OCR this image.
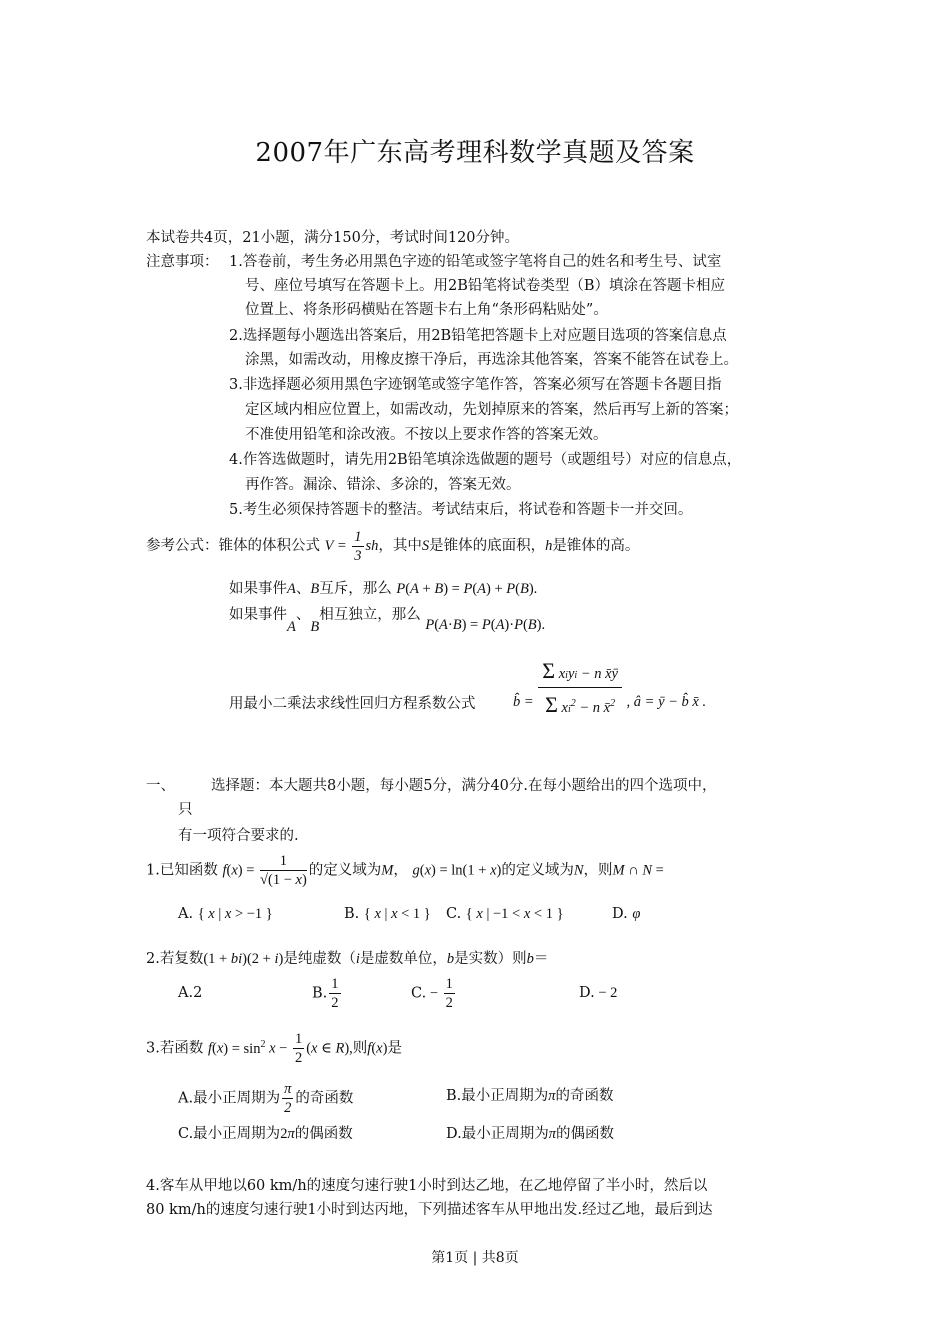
2007年广东高考理科数学真题及答案
本试卷共4页，21小题，满分150分，考试时间120分钟。
注意事项： 1.答卷前，考生务必用黑色字迹的铅笔或签字笔将自己的姓名和考生号、试室
号、座位号填写在答题卡上。用2B铅笔将试卷类型（B）填涂在答题卡相应
位置上、将条形码横贴在答题卡右上角“条形码粘贴处”。
2.选择题每小题选出答案后，用2B铅笔把答题卡上对应题目选项的答案信息点
涂黑，如需改动，用橡皮擦干净后，再选涂其他答案，答案不能答在试卷上。
3.非选择题必须用黑色字迹钢笔或签字笔作答，答案必须写在答题卡各题目指
定区域内相应位置上，如需改动，先划掉原来的答案，然后再写上新的答案；
不准使用铅笔和涂改液。不按以上要求作答的答案无效。
4.作答选做题时，请先用2B铅笔填涂选做题的题号（或题组号）对应的信息点，
再作答。漏涂、错涂、多涂的，答案无效。
5.考生必须保持答题卡的整洁。考试结束后，将试卷和答题卡一并交回。
参考公式：锥体的体积公式 $V = \frac{1}{3}$ sh，其中S是锥体的底面积，h是锥体的高。
如果事件A、B互斥，那么 P(A + B) = P(A) + P(B).
如果事件A、B相互独立，那么 P(A·B) = P(A)·P(B).
用最小二乘法求线性回归方程系数公式	b̂ =
Σ xiyi − n x̄ȳ
Σ $xi^2 - n$ x̄$^2$ , â = ȳ − b̂ x̄ .
一、 选择题：本大题共8小题，每小题5分，满分40分.在每小题给出的四个选项中，
只
有一项符合要求的.
1.已知函数 $f(x) = \frac{1}{√(1 - x)}$ 的定义域为M， g(x) = ln(1 + x)的定义域为N，则M ∩ N =
A. { x | x > −1 }	B. { x | x < 1 } C. { x | −1 < x < 1 }	D. φ
2.若复数(1 + bi)(2 + i)是纯虚数（i是虚数单位，b是实数）则b＝
A.2	B. $\frac{1}{2}$	C. − $\frac{1}{2}$	D. − 2
3.若函数 $f(x) = \sin^2 x - \frac{1}{2} (x$ ∈ R),则f(x)是
A.最小正周期为 $\frac{\pi}{2}$ 的奇函数	B.最小正周期为π的奇函数
C.最小正周期为2π的偶函数	D.最小正周期为π的偶函数
4.客车从甲地以60 km/h的速度匀速行驶1小时到达乙地，在乙地停留了半小时，然后以
80 km/h的速度匀速行驶1小时到达丙地，下列描述客车从甲地出发.经过乙地，最后到达
第1页 | 共8页
